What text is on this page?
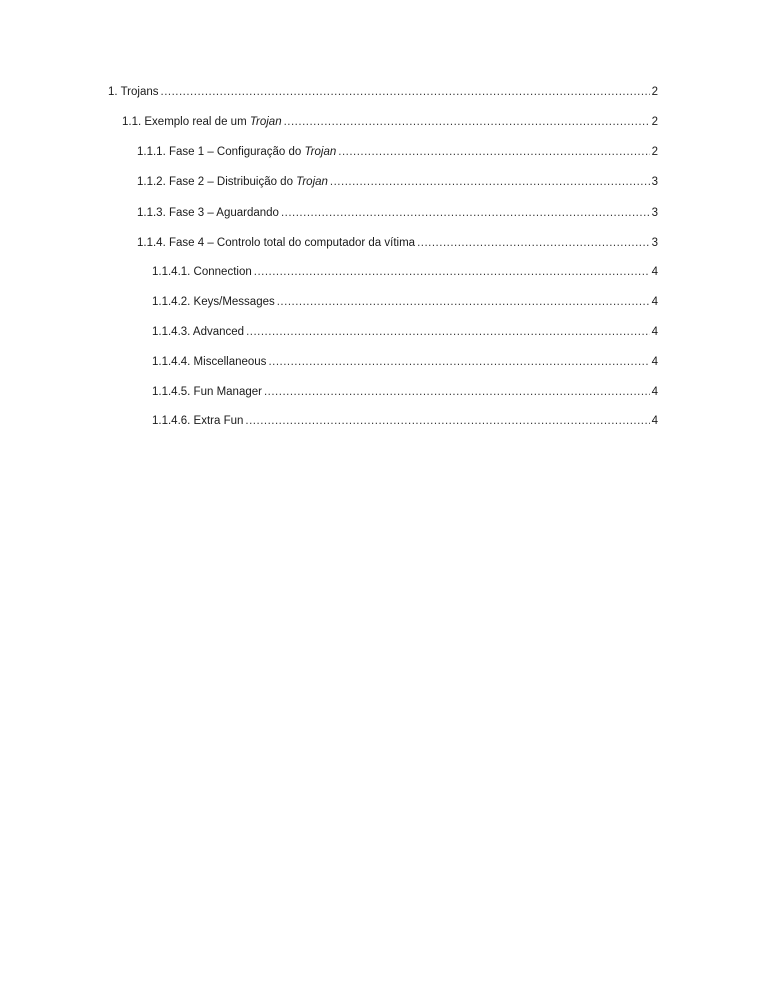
1. Trojans .....	2
1.1. Exemplo real de um Trojan .....	2
1.1.1. Fase 1 – Configuração do Trojan .....	2
1.1.2. Fase 2 – Distribuição do Trojan .....	3
1.1.3. Fase 3 – Aguardando .....	3
1.1.4. Fase 4 – Controlo total do computador da vítima .....	3
1.1.4.1. Connection .....	4
1.1.4.2. Keys/Messages .....	4
1.1.4.3. Advanced .....	4
1.1.4.4. Miscellaneous .....	4
1.1.4.5. Fun Manager .....	4
1.1.4.6. Extra Fun .....	4
